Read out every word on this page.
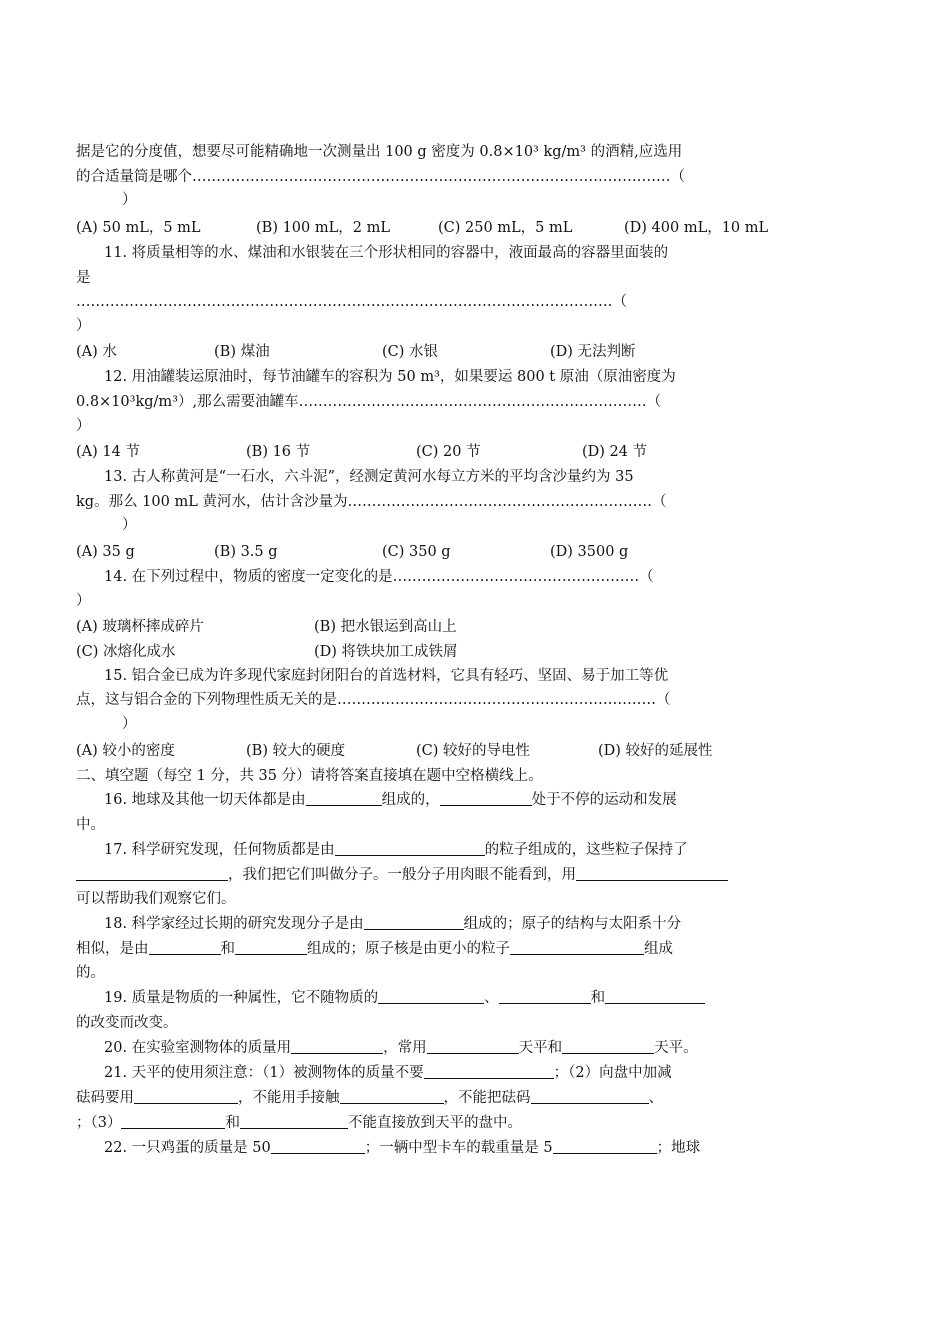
据是它的分度值，想要尽可能精确地一次测量出 100 g 密度为 0.8×10³ kg/m³ 的酒精,应选用
的合适量筒是哪个………………………………………………………………………………………（
）
(A) 50 mL，5 mL	(B) 100 mL，2 mL	(C) 250 mL，5 mL	(D) 400 mL，10 mL
11. 将质量相等的水、煤油和水银装在三个形状相同的容器中，液面最高的容器里面装的
是
…………………………………………………………………………………………………（
）
(A) 水	(B) 煤油	(C) 水银	(D) 无法判断
12. 用油罐装运原油时，每节油罐车的容积为 50 m³，如果要运 800 t 原油（原油密度为
0.8×10³kg/m³）,那么需要油罐车………………………………………………………………（
）
(A) 14 节	(B) 16 节	(C) 20 节	(D) 24 节
13. 古人称黄河是“一石水，六斗泥”，经测定黄河水每立方米的平均含沙量约为 35
kg。那么 100 mL 黄河水，估计含沙量为………………………………………………………（
）
(A) 35 g	(B) 3.5 g	(C) 350 g	(D) 3500 g
14. 在下列过程中，物质的密度一定变化的是……………………………………………（
）
(A) 玻璃杯摔成碎片	(B) 把水银运到高山上
(C) 冰熔化成水	(D) 将铁块加工成铁屑
15. 铝合金已成为许多现代家庭封闭阳台的首选材料，它具有轻巧、坚固、易于加工等优
点，这与铝合金的下列物理性质无关的是…………………………………………………………（
）
(A) 较小的密度	(B) 较大的硬度	(C) 较好的导电性	(D) 较好的延展性
二、填空题（每空 1 分，共 35 分）请将答案直接填在题中空格横线上。
16. 地球及其他一切天体都是由	组成的，	处于不停的运动和发展
中。
17. 科学研究发现，任何物质都是由	的粒子组成的，这些粒子保持了
，我们把它们叫做分子。一般分子用肉眼不能看到，用
可以帮助我们观察它们。
18. 科学家经过长期的研究发现分子是由	组成的；原子的结构与太阳系十分
相似，是由	和	组成的；原子核是由更小的粒子	组成
的。
19. 质量是物质的一种属性，它不随物质的	、	和
的改变而改变。
20. 在实验室测物体的质量用	，常用	天平和	天平。
21. 天平的使用须注意：（1）被测物体的质量不要	；（2）向盘中加减
砝码要用	，不能用手接触	，不能把砝码	、
；（3）	和	不能直接放到天平的盘中。
22. 一只鸡蛋的质量是 50	；一辆中型卡车的载重量是 5	；地球
